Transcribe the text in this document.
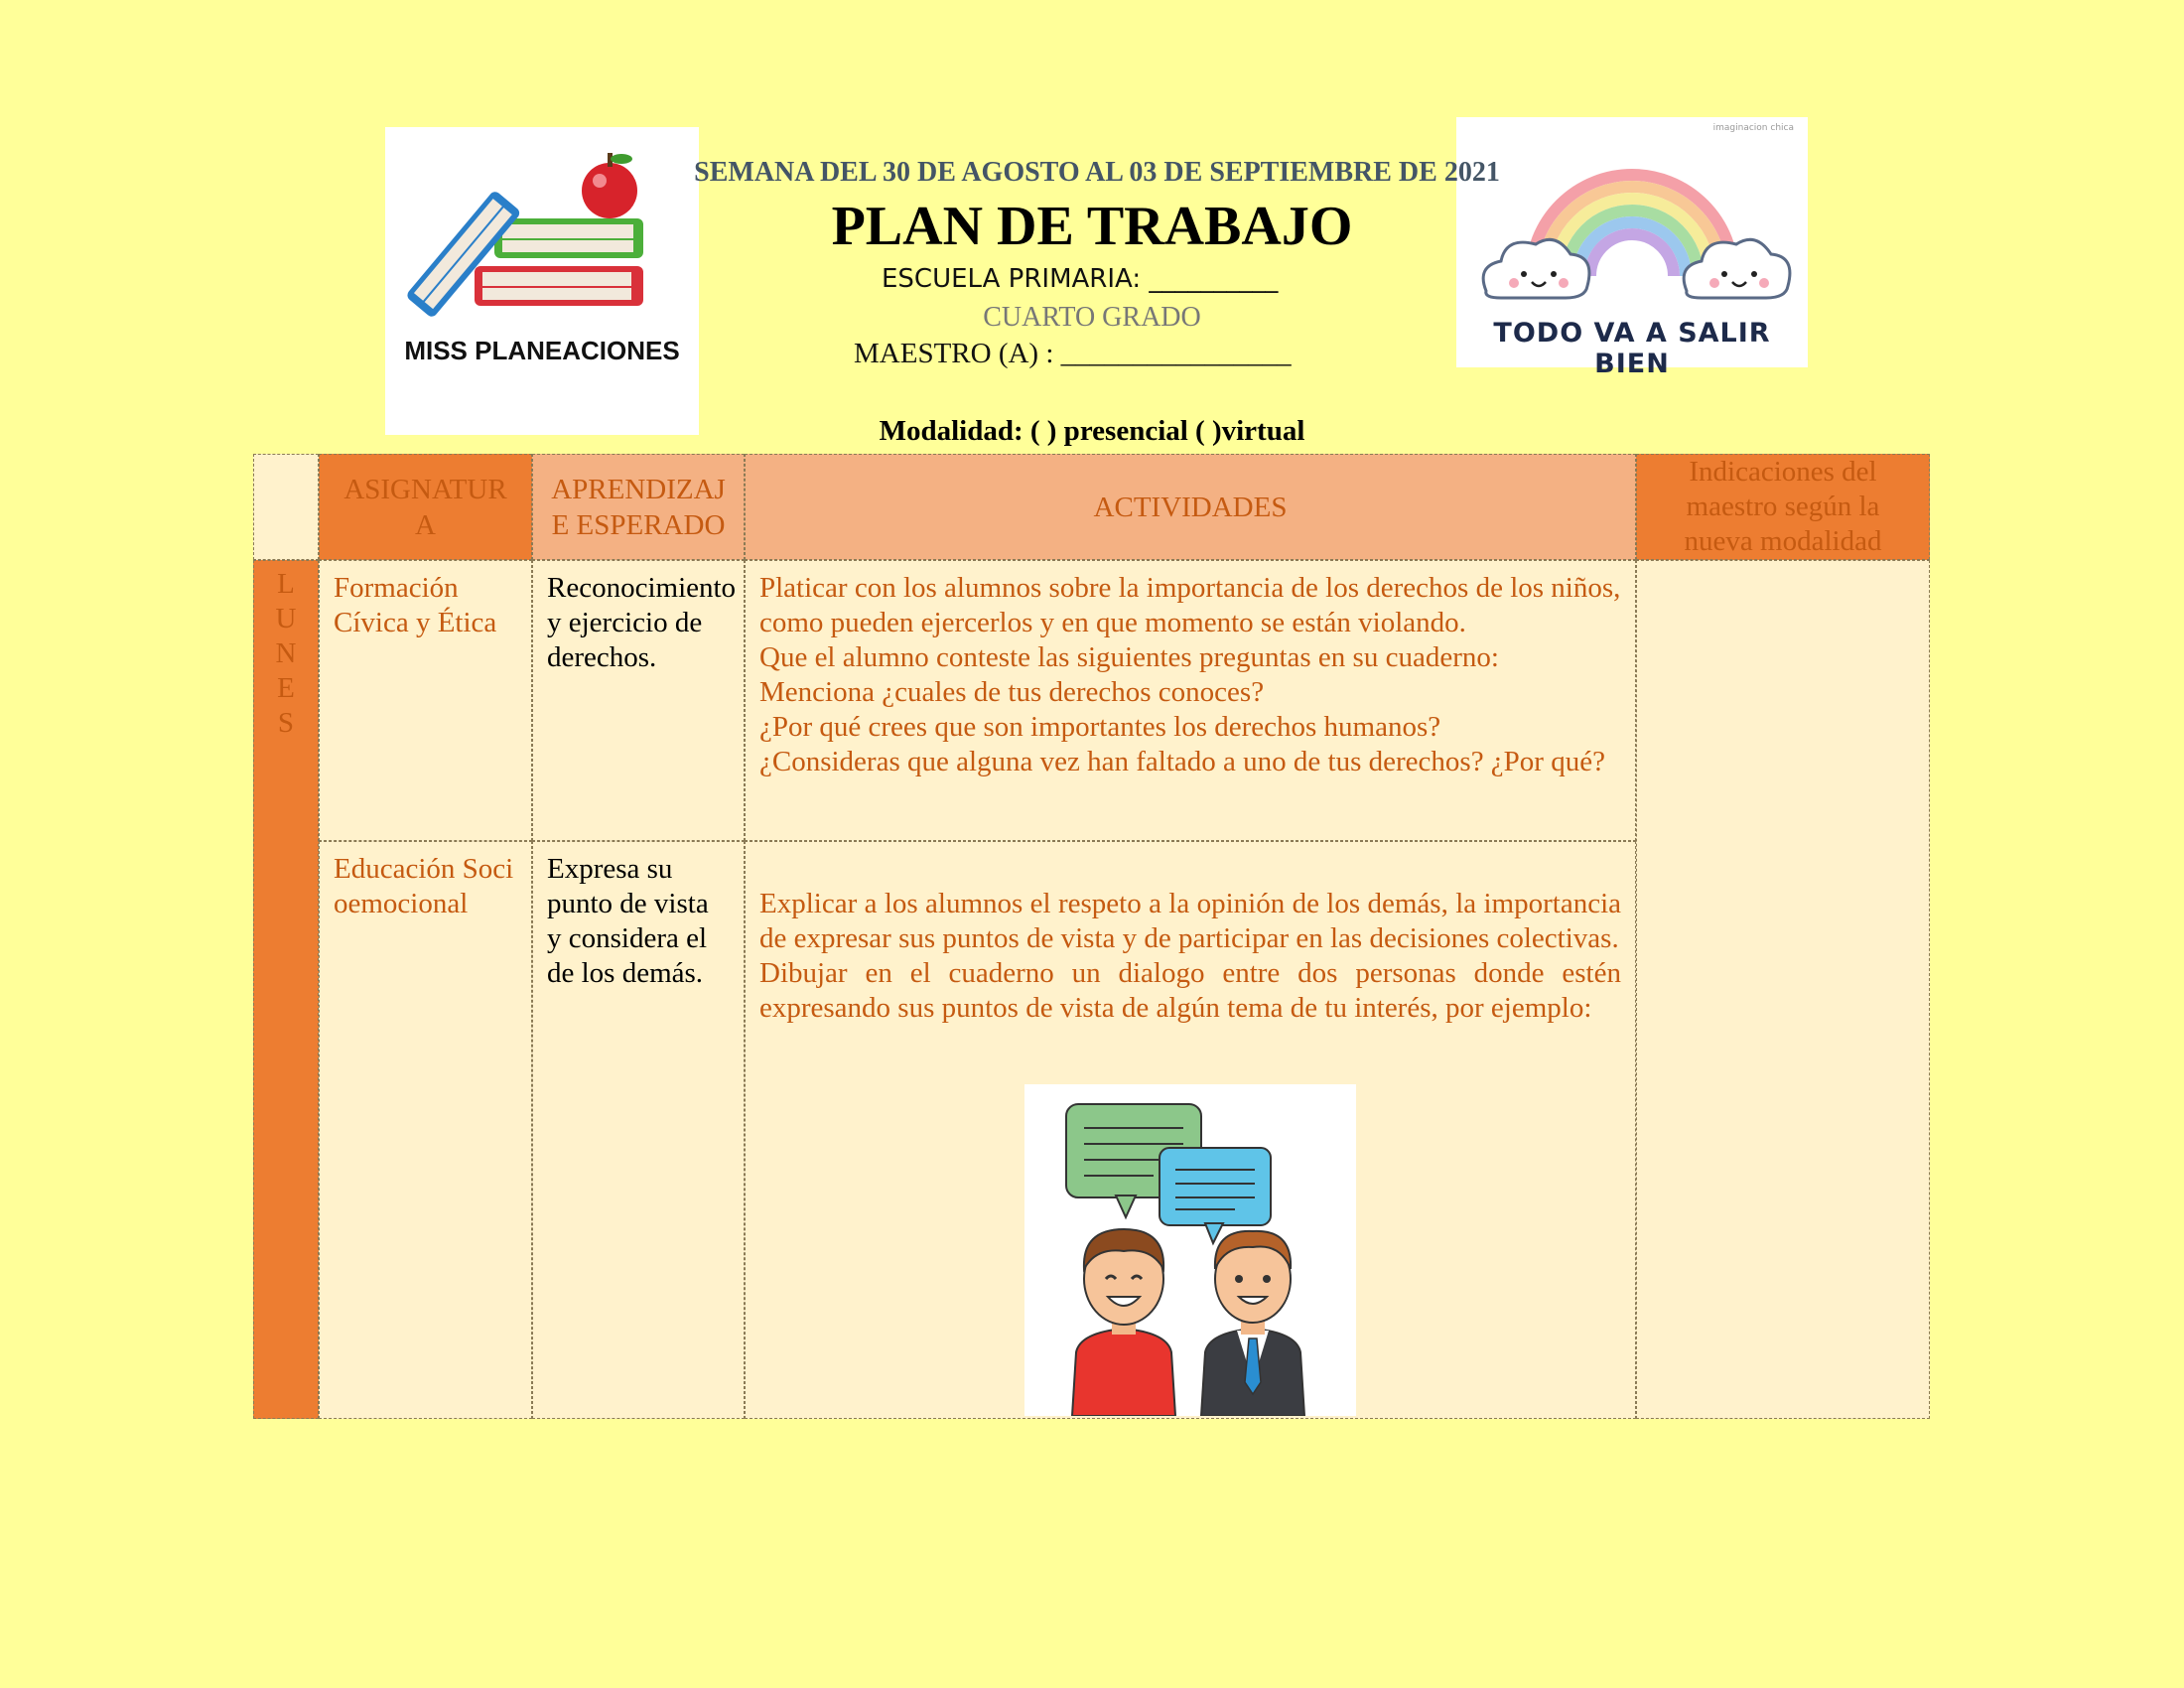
MISS PLANEACIONES
imaginacion chica
TODO VA A SALIR BIEN
SEMANA DEL 30 DE AGOSTO AL 03 DE SEPTIEMBRE DE 2021
PLAN DE TRABAJO
ESCUELA PRIMARIA: __________
CUARTO GRADO
MAESTRO (A) : ________________
Modalidad: ( ) presencial ( )virtual
ASIGNATURA
APRENDIZAJE ESPERADO
ACTIVIDADES
Indicaciones del maestro según la nueva modalidad
L
U
N
E
S
Formación Cívica y Ética
Reconocimiento y ejercicio de derechos.
Platicar con los alumnos sobre la importancia de los derechos de los niños, como pueden ejercerlos y en que momento se están violando.
Que el alumno conteste las siguientes preguntas en su cuaderno:
Menciona ¿cuales de tus derechos conoces?
¿Por qué crees que son importantes los derechos humanos?
¿Consideras que alguna vez han faltado a uno de tus derechos? ¿Por qué?
Educación Socioemocional
Expresa su punto de vista y considera el de los demás.
Explicar a los alumnos el respeto a la opinión de los demás, la importancia de expresar sus puntos de vista y de participar en las decisiones colectivas.
Dibujar en el cuaderno un dialogo entre dos personas donde estén expresando sus puntos de vista de algún tema de tu interés, por ejemplo:
